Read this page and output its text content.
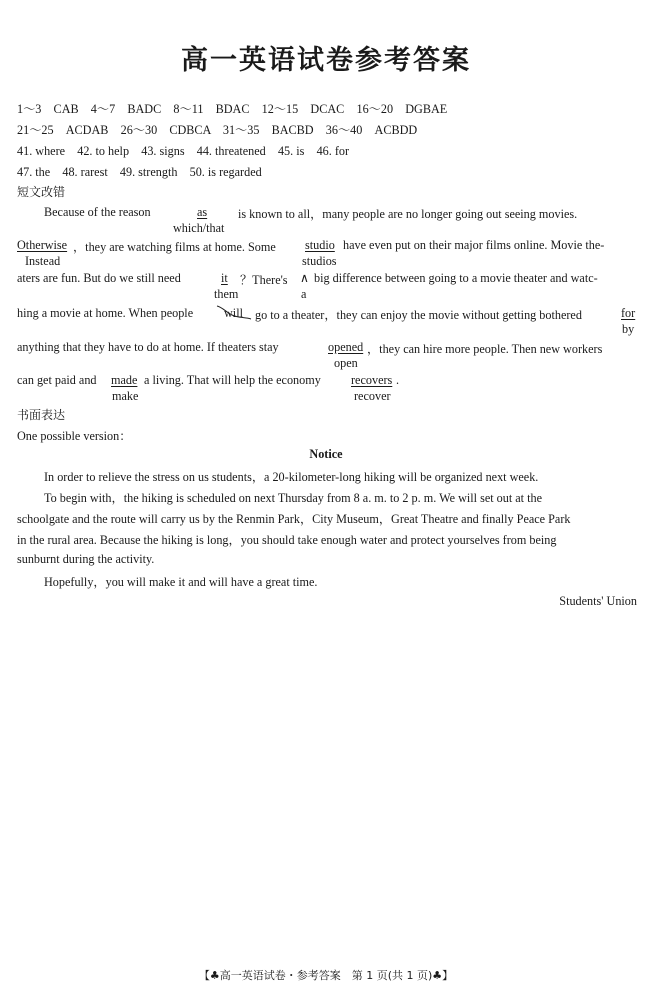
高一英语试卷参考答案
1～3　CAB　4～7　BADC　8～11　BDAC　12～15　DCAC　16～20　DGBAE
21～25　ACDAB　26～30　CDBCA　31～35　BACBD　36～40　ACBDD
41. where　42. to help　43. signs　44. threatened　45. is　46. for
47. the　48. rarest　49. strength　50. is regarded
短文改错
Because of the reason	as	is known to all，many people are no longer going out seeing movies.
which/that
Otherwise ，they are watching films at home. Some studio have even put on their major films online. Movie the-
Instead	studios
aters are fun. But do we still need	it ？There's ∧ big difference between going to a movie theater and watc-
them	a
hing a movie at home. When people	will go to a theater，they can enjoy the movie without getting bothered	for
by
anything that they have to do at home. If theaters stay	opened ，they can hire more people. Then new workers
open
can get paid and made a living. That will help the economy recovers .
make	recover
书面表达
One possible version：
Notice
In order to relieve the stress on us students，a 20-kilometer-long hiking will be organized next week.
To begin with，the hiking is scheduled on next Thursday from 8 a. m. to 2 p. m. We will set out at the
schoolgate and the route will carry us by the Renmin Park，City Museum，Great Theatre and finally Peace Park
in the rural area. Because the hiking is long，you should take enough water and protect yourselves from being
sunburnt during the activity.
Hopefully，you will make it and will have a great time.
Students' Union
【♣高一英语试卷・参考答案　第 1 页(共 1 页)♣】
